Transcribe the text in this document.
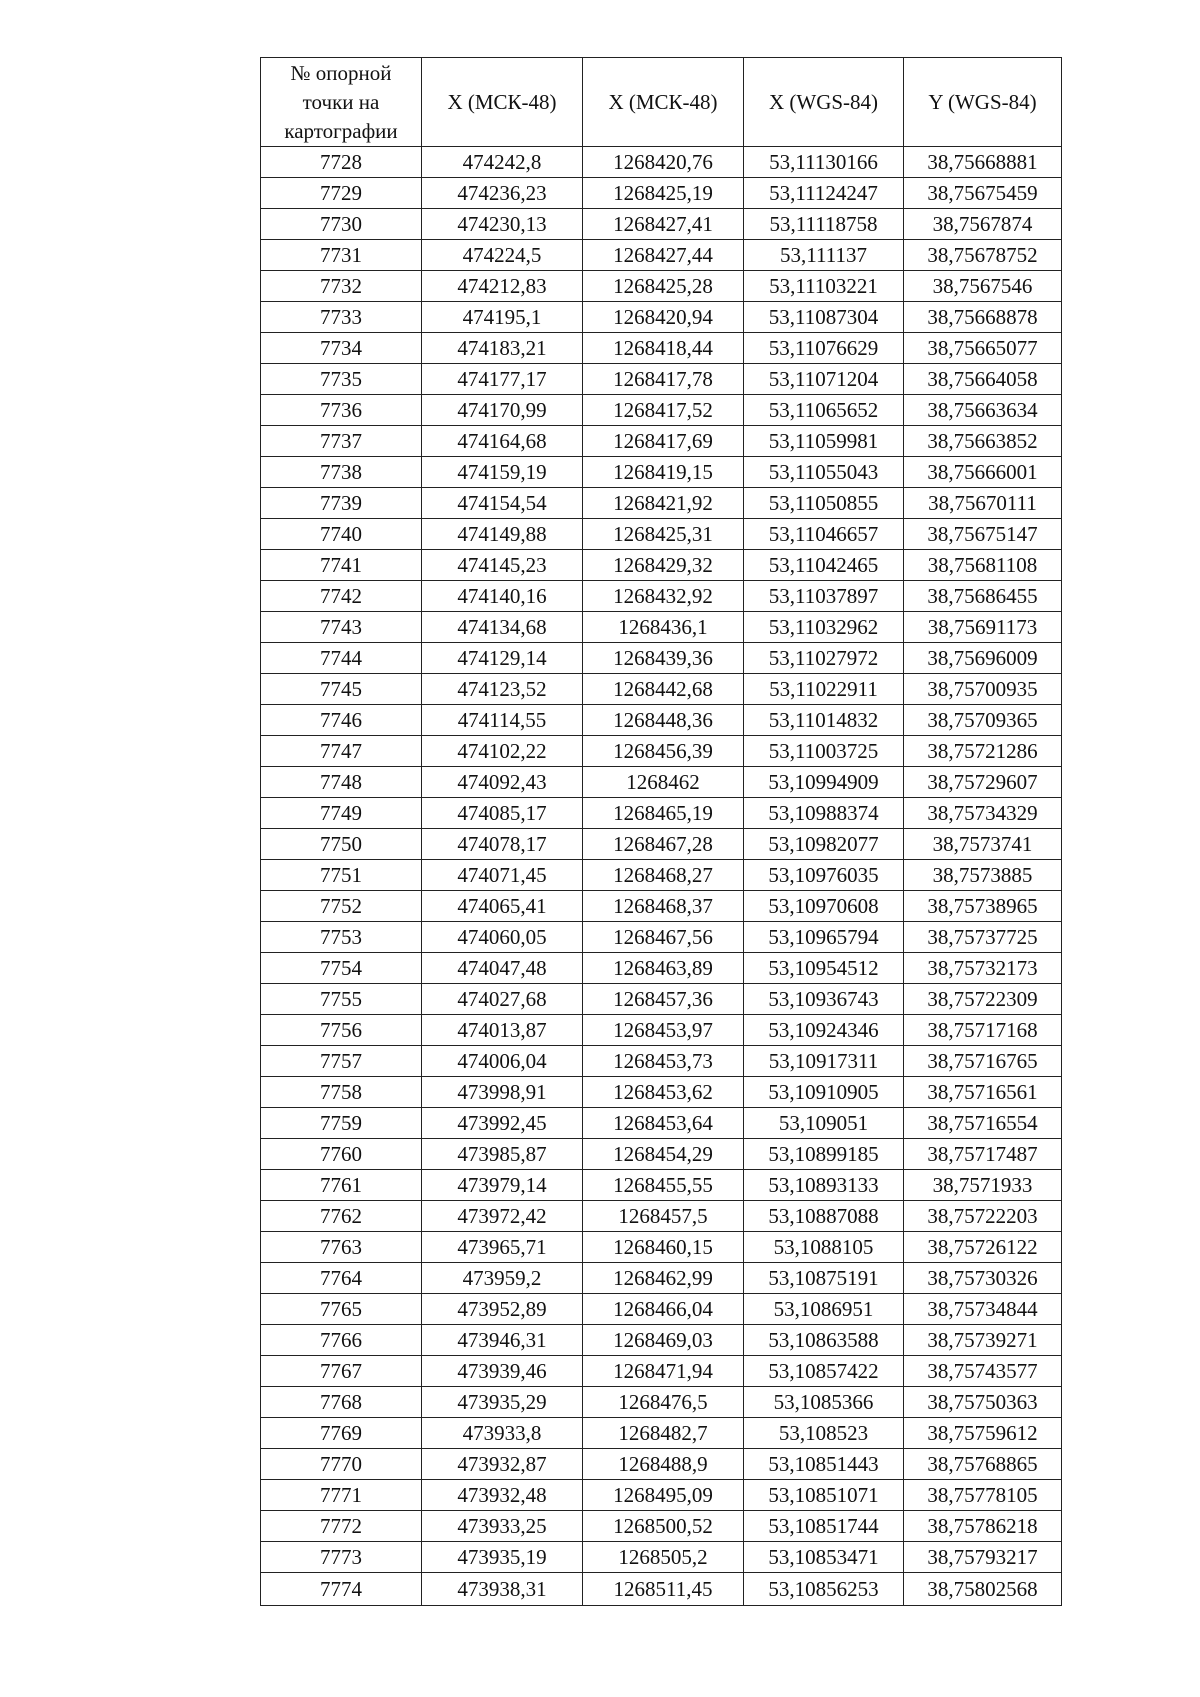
№ опорной точки на картографии	X (МСК-48)	X (МСК-48)	X (WGS-84)	Y (WGS-84)
7728	474242,8	1268420,76	53,11130166	38,75668881
7729	474236,23	1268425,19	53,11124247	38,75675459
7730	474230,13	1268427,41	53,11118758	38,7567874
7731	474224,5	1268427,44	53,111137	38,75678752
7732	474212,83	1268425,28	53,11103221	38,7567546
7733	474195,1	1268420,94	53,11087304	38,75668878
7734	474183,21	1268418,44	53,11076629	38,75665077
7735	474177,17	1268417,78	53,11071204	38,75664058
7736	474170,99	1268417,52	53,11065652	38,75663634
7737	474164,68	1268417,69	53,11059981	38,75663852
7738	474159,19	1268419,15	53,11055043	38,75666001
7739	474154,54	1268421,92	53,11050855	38,75670111
7740	474149,88	1268425,31	53,11046657	38,75675147
7741	474145,23	1268429,32	53,11042465	38,75681108
7742	474140,16	1268432,92	53,11037897	38,75686455
7743	474134,68	1268436,1	53,11032962	38,75691173
7744	474129,14	1268439,36	53,11027972	38,75696009
7745	474123,52	1268442,68	53,11022911	38,75700935
7746	474114,55	1268448,36	53,11014832	38,75709365
7747	474102,22	1268456,39	53,11003725	38,75721286
7748	474092,43	1268462	53,10994909	38,75729607
7749	474085,17	1268465,19	53,10988374	38,75734329
7750	474078,17	1268467,28	53,10982077	38,7573741
7751	474071,45	1268468,27	53,10976035	38,7573885
7752	474065,41	1268468,37	53,10970608	38,75738965
7753	474060,05	1268467,56	53,10965794	38,75737725
7754	474047,48	1268463,89	53,10954512	38,75732173
7755	474027,68	1268457,36	53,10936743	38,75722309
7756	474013,87	1268453,97	53,10924346	38,75717168
7757	474006,04	1268453,73	53,10917311	38,75716765
7758	473998,91	1268453,62	53,10910905	38,75716561
7759	473992,45	1268453,64	53,109051	38,75716554
7760	473985,87	1268454,29	53,10899185	38,75717487
7761	473979,14	1268455,55	53,10893133	38,7571933
7762	473972,42	1268457,5	53,10887088	38,75722203
7763	473965,71	1268460,15	53,1088105	38,75726122
7764	473959,2	1268462,99	53,10875191	38,75730326
7765	473952,89	1268466,04	53,1086951	38,75734844
7766	473946,31	1268469,03	53,10863588	38,75739271
7767	473939,46	1268471,94	53,10857422	38,75743577
7768	473935,29	1268476,5	53,1085366	38,75750363
7769	473933,8	1268482,7	53,108523	38,75759612
7770	473932,87	1268488,9	53,10851443	38,75768865
7771	473932,48	1268495,09	53,10851071	38,75778105
7772	473933,25	1268500,52	53,10851744	38,75786218
7773	473935,19	1268505,2	53,10853471	38,75793217
7774	473938,31	1268511,45	53,10856253	38,75802568
